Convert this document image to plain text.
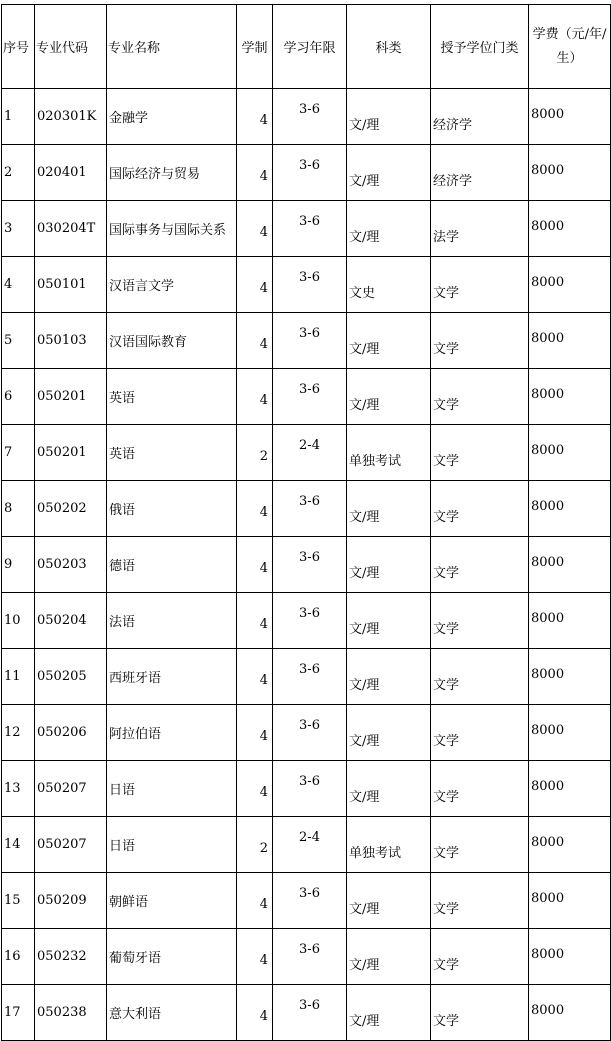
序号	专业代码	专业名称	学制	学习年限	科类	授予学位门类	学费（元/年/生）
1	020301K	金融学	4	3-6	文/理	经济学	8000
2	020401	国际经济与贸易	4	3-6	文/理	经济学	8000
3	030204T	国际事务与国际关系	4	3-6	文/理	法学	8000
4	050101	汉语言文学	4	3-6	文史	文学	8000
5	050103	汉语国际教育	4	3-6	文/理	文学	8000
6	050201	英语	4	3-6	文/理	文学	8000
7	050201	英语	2	2-4	单独考试	文学	8000
8	050202	俄语	4	3-6	文/理	文学	8000
9	050203	德语	4	3-6	文/理	文学	8000
10	050204	法语	4	3-6	文/理	文学	8000
11	050205	西班牙语	4	3-6	文/理	文学	8000
12	050206	阿拉伯语	4	3-6	文/理	文学	8000
13	050207	日语	4	3-6	文/理	文学	8000
14	050207	日语	2	2-4	单独考试	文学	8000
15	050209	朝鲜语	4	3-6	文/理	文学	8000
16	050232	葡萄牙语	4	3-6	文/理	文学	8000
17	050238	意大利语	4	3-6	文/理	文学	8000
